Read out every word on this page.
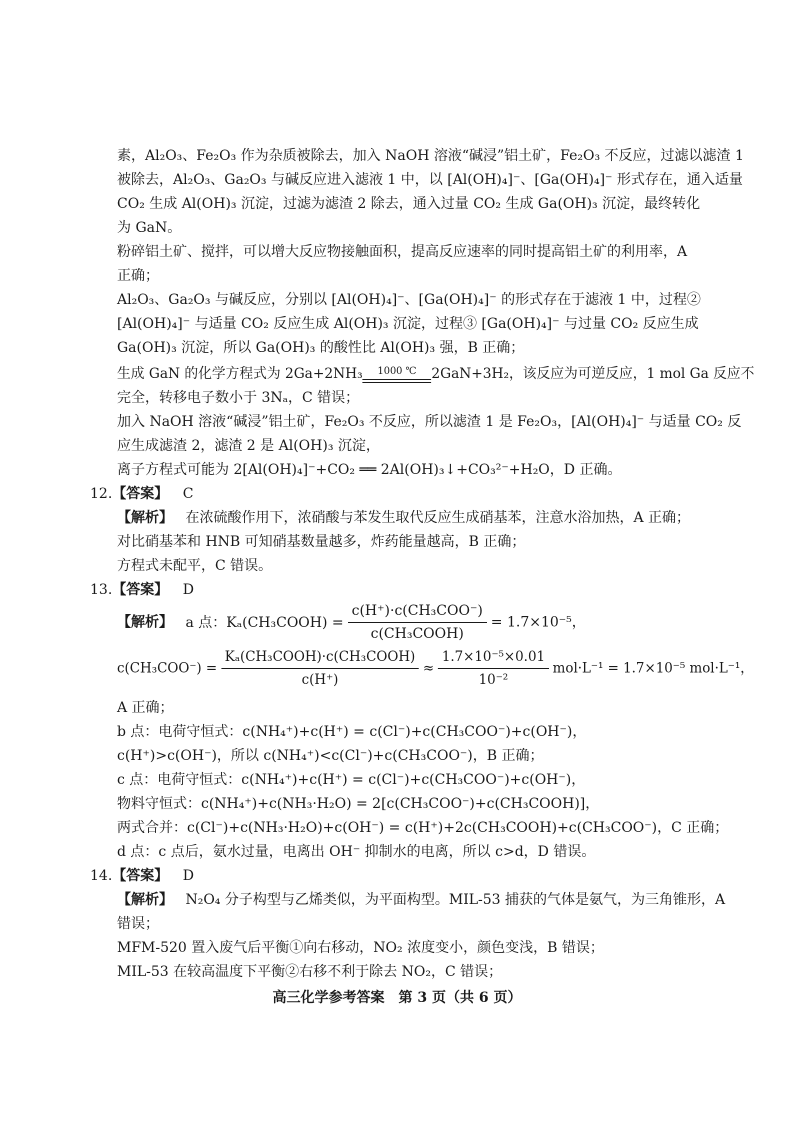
素，Al₂O₃、Fe₂O₃ 作为杂质被除去，加入 NaOH 溶液“碱浸”铝土矿，Fe₂O₃ 不反应，过滤以滤渣 1
被除去，Al₂O₃、Ga₂O₃ 与碱反应进入滤液 1 中，以 [Al(OH)₄]⁻、[Ga(OH)₄]⁻ 形式存在，通入适量
CO₂ 生成 Al(OH)₃ 沉淀，过滤为滤渣 2 除去，通入过量 CO₂ 生成 Ga(OH)₃ 沉淀，最终转化
为 GaN。
粉碎铝土矿、搅拌，可以增大反应物接触面积，提高反应速率的同时提高铝土矿的利用率，A
正确；
Al₂O₃、Ga₂O₃ 与碱反应，分别以 [Al(OH)₄]⁻、[Ga(OH)₄]⁻ 的形式存在于滤液 1 中，过程②
[Al(OH)₄]⁻ 与适量 CO₂ 反应生成 Al(OH)₃ 沉淀，过程③ [Ga(OH)₄]⁻ 与过量 CO₂ 反应生成
Ga(OH)₃ 沉淀，所以 Ga(OH)₃ 的酸性比 Al(OH)₃ 强，B 正确；
生成 GaN 的化学方程式为 2Ga+2NH₃	1000 ℃	2GaN+3H₂，该反应为可逆反应，1 mol Ga 反应不
完全，转移电子数小于 3Nₐ，C 错误；
加入 NaOH 溶液“碱浸”铝土矿，Fe₂O₃ 不反应，所以滤渣 1 是 Fe₂O₃，[Al(OH)₄]⁻ 与适量 CO₂ 反
应生成滤渣 2，滤渣 2 是 Al(OH)₃ 沉淀，
离子方程式可能为 2[Al(OH)₄]⁻+CO₂ ══ 2Al(OH)₃↓+CO₃²⁻+H₂O，D 正确。
12.【答案】 C
【解析】 在浓硫酸作用下，浓硝酸与苯发生取代反应生成硝基苯，注意水浴加热，A 正确；
对比硝基苯和 HNB 可知硝基数量越多，炸药能量越高，B 正确；
方程式未配平，C 错误。
13.【答案】 D
【解析】 a 点：Kₐ(CH₃COOH) = $\frac{\text{c(H⁺)·c(CH₃COO⁻)}}{\text{c(CH₃COOH)}} = 1.7\times 10^{-5}$，
$c(CH_3COO^-) = \frac{\text{Kₐ(CH₃COOH)·c(CH₃COOH)}}{c(H^+)} \approx \frac{\text{1.7×10⁻⁵×0.01}}{\text{10⁻²}} mol\cdot L^{-1} = 1.7\times 10^{-5}$ mol·L⁻¹，
A 正确；
b 点：电荷守恒式：c(NH₄⁺)+c(H⁺) = c(Cl⁻)+c(CH₃COO⁻)+c(OH⁻)，
c(H⁺)>c(OH⁻)，所以 c(NH₄⁺)<c(Cl⁻)+c(CH₃COO⁻)，B 正确；
c 点：电荷守恒式：c(NH₄⁺)+c(H⁺) = c(Cl⁻)+c(CH₃COO⁻)+c(OH⁻)，
物料守恒式：c(NH₄⁺)+c(NH₃·H₂O) = 2[c(CH₃COO⁻)+c(CH₃COOH)]，
两式合并：c(Cl⁻)+c(NH₃·H₂O)+c(OH⁻) = c(H⁺)+2c(CH₃COOH)+c(CH₃COO⁻)，C 正确；
d 点：c 点后，氨水过量，电离出 OH⁻ 抑制水的电离，所以 c>d，D 错误。
14.【答案】 D
【解析】 N₂O₄ 分子构型与乙烯类似，为平面构型。MIL-53 捕获的气体是氨气，为三角锥形，A
错误；
MFM-520 置入废气后平衡①向右移动，NO₂ 浓度变小，颜色变浅，B 错误；
MIL-53 在较高温度下平衡②右移不利于除去 NO₂，C 错误；
高三化学参考答案　第 3 页（共 6 页）
